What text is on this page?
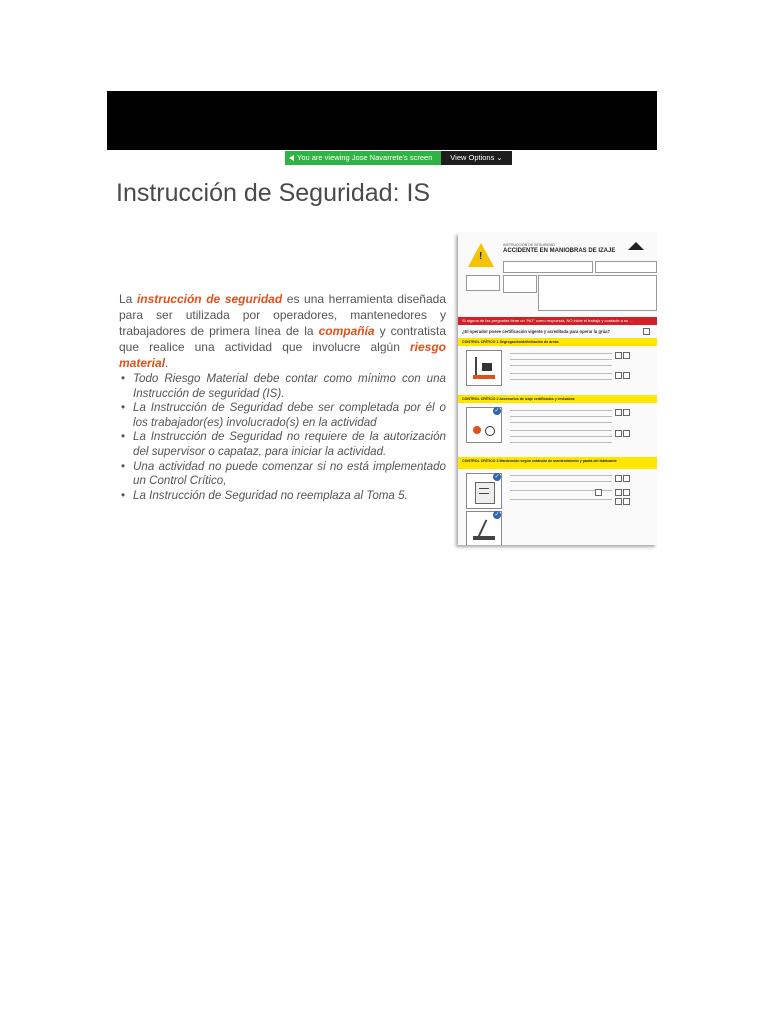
You are viewing Jose Navarrete's screen	View Options ⌄
Instrucción de Seguridad: IS

La instrucción de seguridad es una herramienta diseñada para ser utilizada por operadores, mantenedores y trabajadores de primera línea de la compañía y contratista que realice una actividad que involucre algún riesgo material.

• Todo Riesgo Material debe contar como mínimo con una Instrucción de seguridad (IS).
• La Instrucción de Seguridad debe ser completada por él o los trabajador(es) involucrado(s) en la actividad
• La Instrucción de Seguridad no requiere de la autorización del supervisor o capataz, para iniciar la actividad.
• Una actividad no puede comenzar si no está implementado un Control Crítico,
• La Instrucción de Seguridad no reemplaza al Toma 5.
!
INSTRUCCIÓN DE SEGURIDAD
ACCIDENTE EN MANIOBRAS DE IZAJE
Si alguna de las preguntas tiene un "NO" como respuesta, NO inicie el trabajo y contacte a su ...
¿El operador posee certificación vigente y acreditada para operar la grúa?
CONTROL CRÍTICO 1 Segregación/delimitación de áreas
CONTROL CRÍTICO 2 Accesorios de izaje certificados y revisados
✓
CONTROL CRÍTICO 3 Mantención según estándar de mantenimiento y pauta del fabricante
✓
✓
